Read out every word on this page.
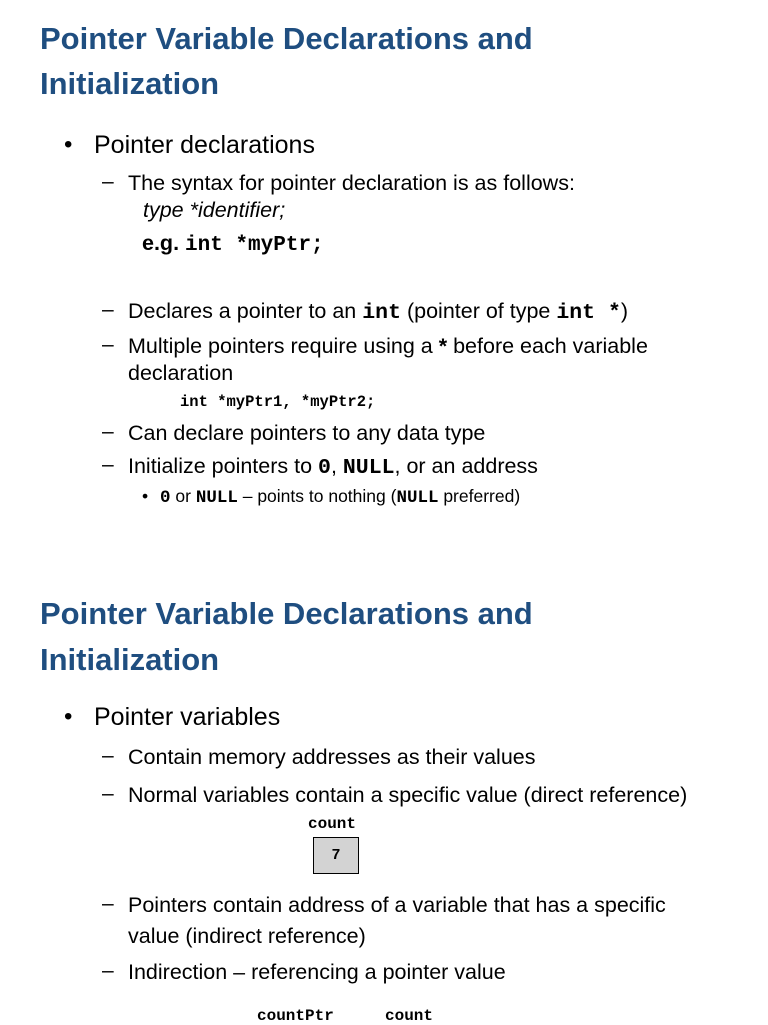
Pointer Variable Declarations and
Initialization
• Pointer declarations
– The syntax for pointer declaration is as follows:
type *identifier;
e.g. int *myPtr;
– Declares a pointer to an int (pointer of type int *)
– Multiple pointers require using a * before each variable
declaration
int *myPtr1, *myPtr2;
– Can declare pointers to any data type
– Initialize pointers to 0, NULL, or an address
• 0 or NULL – points to nothing (NULL preferred)
Pointer Variable Declarations and
Initialization
• Pointer variables
– Contain memory addresses as their values
– Normal variables contain a specific value (direct reference)
count
7
– Pointers contain address of a variable that has a specific
value (indirect reference)
– Indirection – referencing a pointer value
countPtr	count
